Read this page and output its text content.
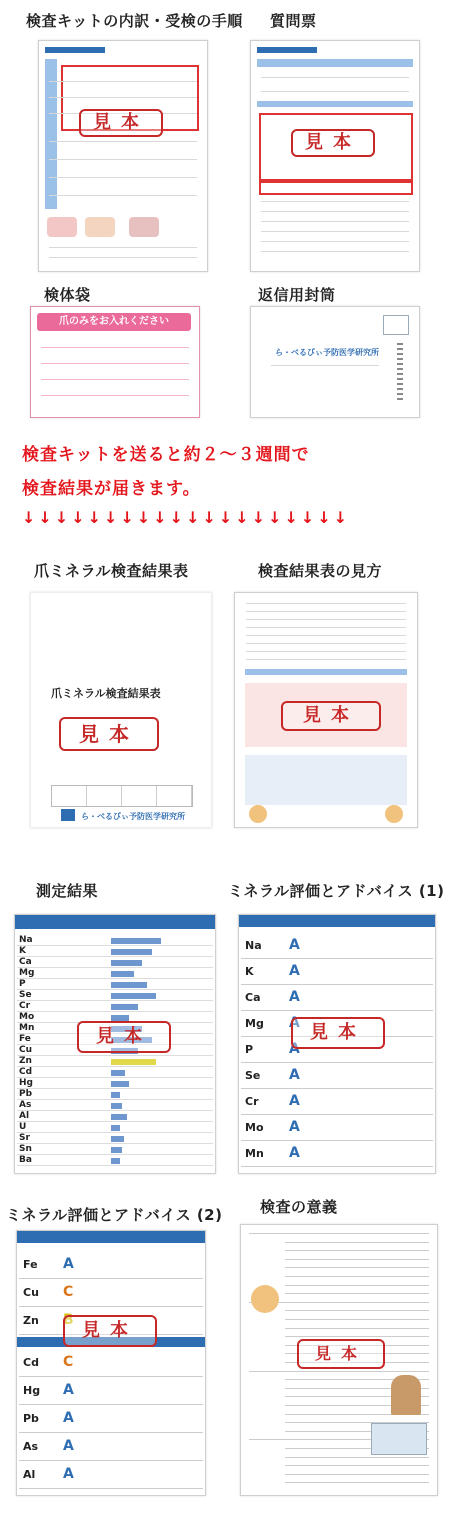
検査キットの内訳・受検の手順 質問票
見本
見本
検体袋	返信用封筒
爪のみをお入れください
ら・べるびぃ予防医学研究所
検査キットを送ると約２～３週間で
検査結果が届きます。
↓↓↓↓↓↓↓↓↓↓↓↓↓↓↓↓↓↓↓↓
爪ミネラル検査結果表	検査結果表の見方
爪ミネラル検査結果表
見本
ら・べるびぃ予防医学研究所
見本
測定結果	ミネラル評価とアドバイス (1)
Na
K
Ca
Mg
P
Se
Cr
Mo
Mn
Fe
Cu
Zn
Cd
Hg
Pb
As
Al
U
Sr
Sn
Ba
見本
Na A
K	A
Ca A
Mg A
P	A
Se A
Cr A
Mo A
Mn A
見本
ミネラル評価とアドバイス (2)	検査の意義
Fe A
Cu C
Zn B
Cd C
Hg A
Pb A
As A
Al A
見本
見本
